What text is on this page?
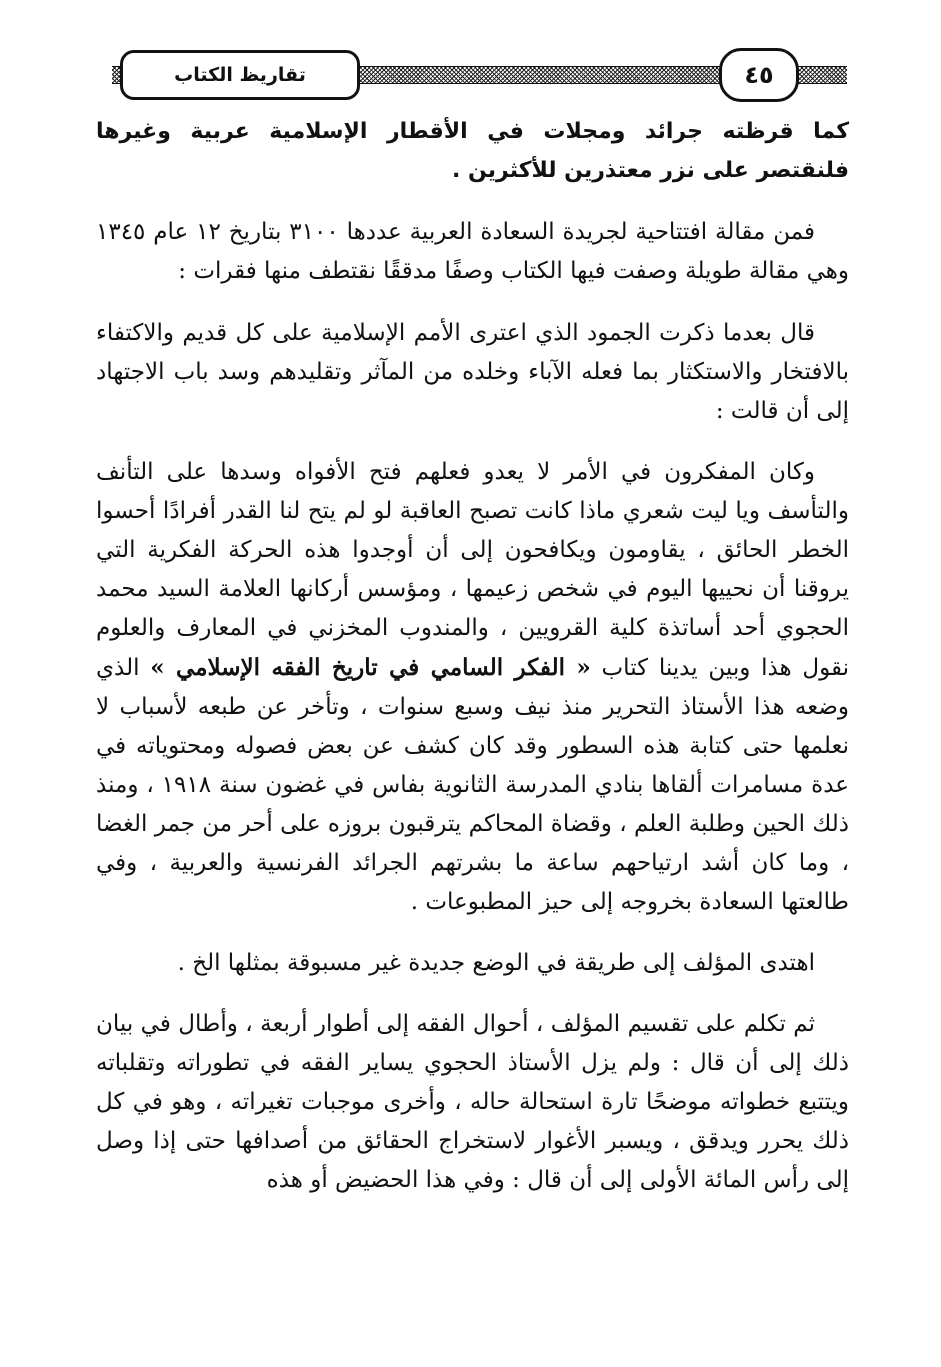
٤٥
تقاريظ الكتاب

كما قرظته جرائد ومجلات في الأقطار الإسلامية عربية وغيرها فلنقتصر على نزر معتذرين للأكثرين .

فمن مقالة افتتاحية لجريدة السعادة العربية عددها ٣١٠٠ بتاريخ ١٢ عام ١٣٤٥ وهي مقالة طويلة وصفت فيها الكتاب وصفًا مدققًا نقتطف منها فقرات :

قال بعدما ذكرت الجمود الذي اعترى الأمم الإسلامية على كل قديم والاكتفاء بالافتخار والاستكثار بما فعله الآباء وخلده من المآثر وتقليدهم وسد باب الاجتهاد إلى أن قالت :

وكان المفكرون في الأمر لا يعدو فعلهم فتح الأفواه وسدها على التأنف والتأسف ويا ليت شعري ماذا كانت تصبح العاقبة لو لم يتح لنا القدر أفرادًا أحسوا الخطر الحائق ، يقاومون ويكافحون إلى أن أوجدوا هذه الحركة الفكرية التي يروقنا أن نحييها اليوم في شخص زعيمها ، ومؤسس أركانها العلامة السيد محمد الحجوي أحد أساتذة كلية القرويين ، والمندوب المخزني في المعارف والعلوم نقول هذا وبين يدينا كتاب « الفكر السامي في تاريخ الفقه الإسلامي » الذي وضعه هذا الأستاذ التحرير منذ نيف وسبع سنوات ، وتأخر عن طبعه لأسباب لا نعلمها حتى كتابة هذه السطور وقد كان كشف عن بعض فصوله ومحتوياته في عدة مسامرات ألقاها بنادي المدرسة الثانوية بفاس في غضون سنة ١٩١٨ ، ومنذ ذلك الحين وطلبة العلم ، وقضاة المحاكم يترقبون بروزه على أحر من جمر الغضا ، وما كان أشد ارتياحهم ساعة ما بشرتهم الجرائد الفرنسية والعربية ، وفي طالعتها السعادة بخروجه إلى حيز المطبوعات .

اهتدى المؤلف إلى طريقة في الوضع جديدة غير مسبوقة بمثلها الخ .

ثم تكلم على تقسيم المؤلف ، أحوال الفقه إلى أطوار أربعة ، وأطال في بيان ذلك إلى أن قال : ولم يزل الأستاذ الحجوي يساير الفقه في تطوراته وتقلباته ويتتبع خطواته موضحًا تارة استحالة حاله ، وأخرى موجبات تغيراته ، وهو في كل ذلك يحرر ويدقق ، ويسبر الأغوار لاستخراج الحقائق من أصدافها حتى إذا وصل إلى رأس المائة الأولى إلى أن قال : وفي هذا الحضيض أو هذه
